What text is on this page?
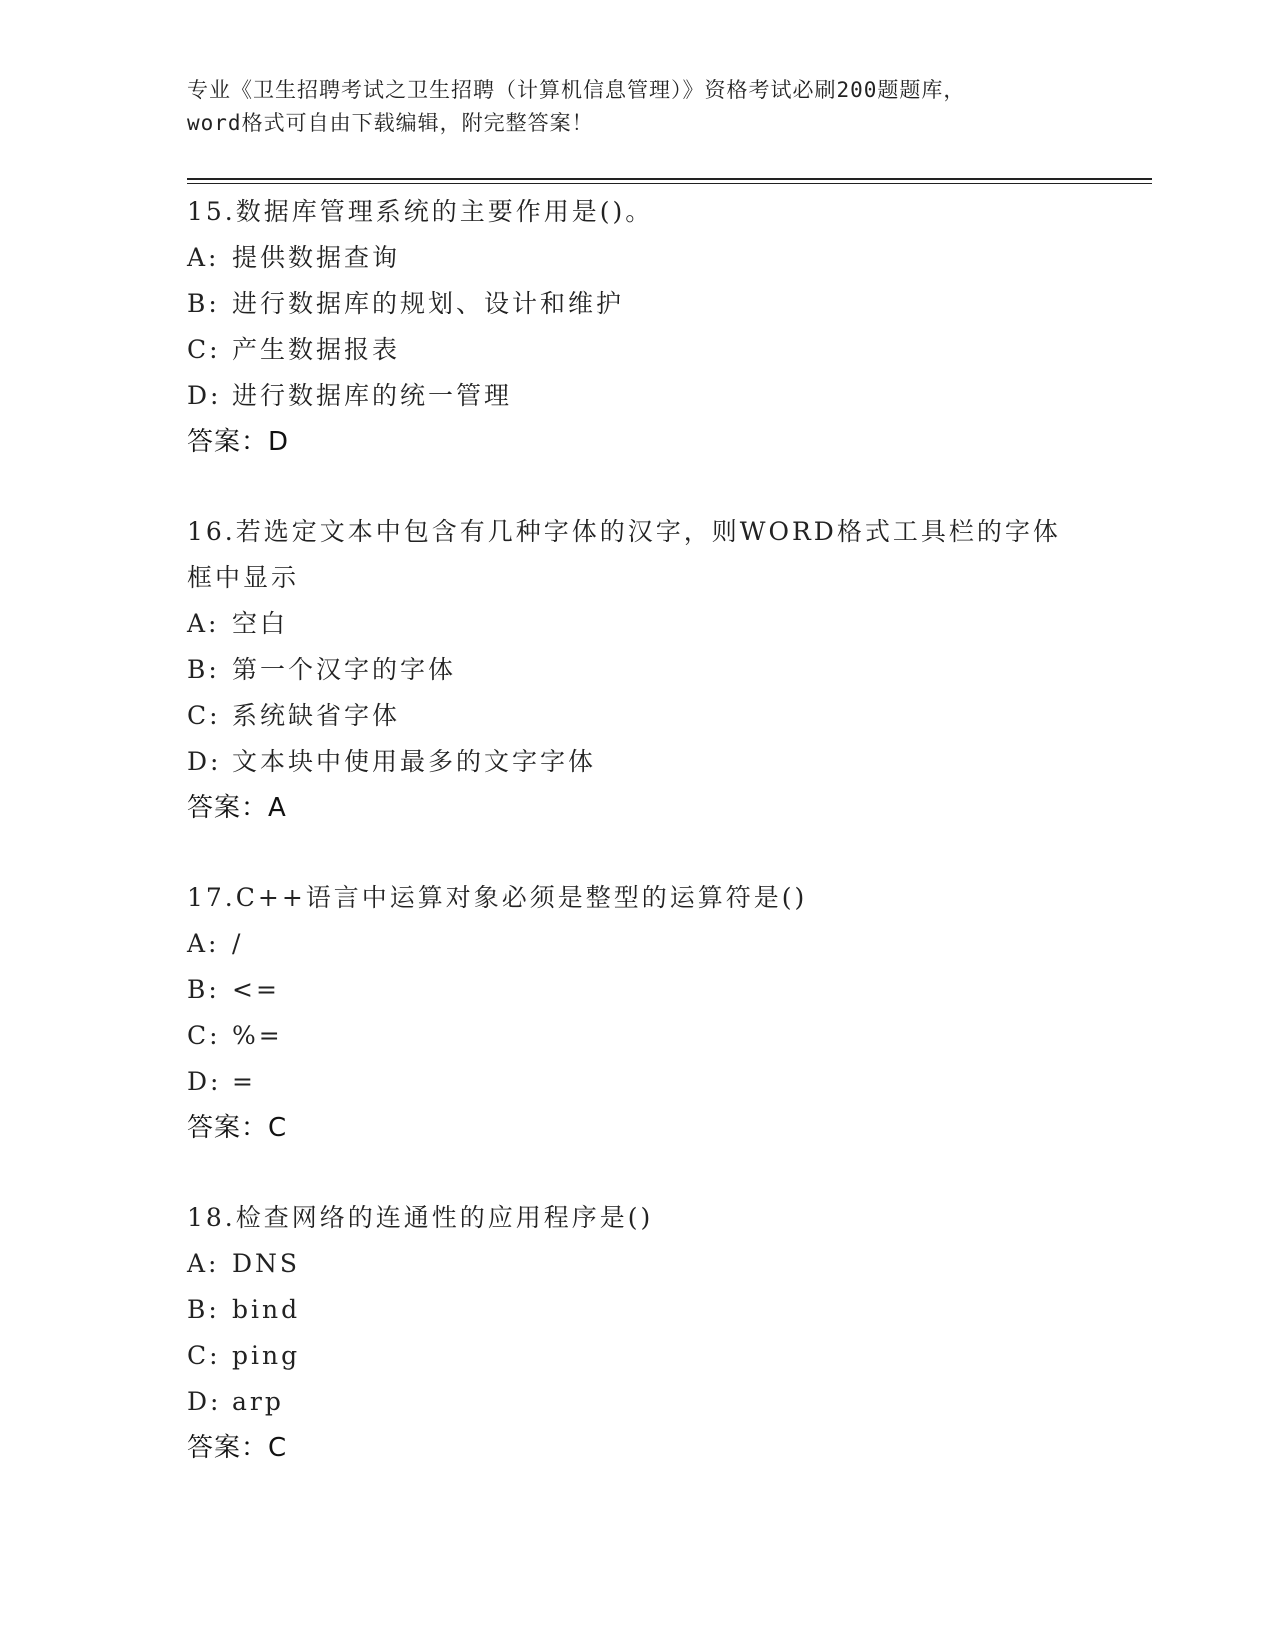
专业《卫生招聘考试之卫生招聘（计算机信息管理）》资格考试必刷200题题库，
word格式可自由下载编辑，附完整答案！
15.数据库管理系统的主要作用是()。
A: 提供数据查询
B: 进行数据库的规划、设计和维护
C: 产生数据报表
D: 进行数据库的统一管理
答案：D
16.若选定文本中包含有几种字体的汉字，则WORD格式工具栏的字体框中显示
A: 空白
B: 第一个汉字的字体
C: 系统缺省字体
D: 文本块中使用最多的文字字体
答案：A
17.C++语言中运算对象必须是整型的运算符是()
A: /
B: <=
C: %=
D: =
答案：C
18.检查网络的连通性的应用程序是()
A: DNS
B: bind
C: ping
D: arp
答案：C
